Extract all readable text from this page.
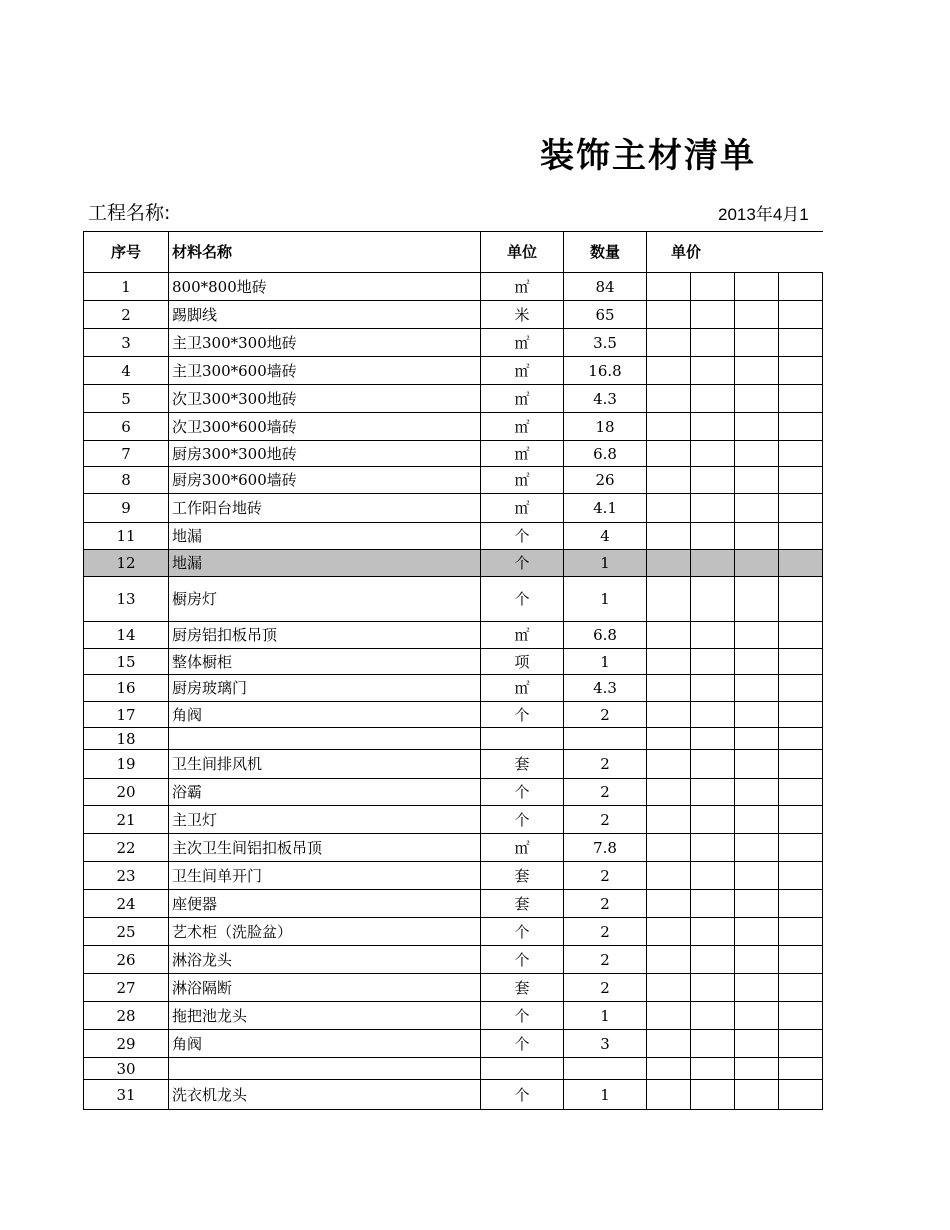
装饰主材清单
工程名称:	2013年4月1
序号	材料名称	单位	数量	单价			
1	800*800地砖	㎡	84				
2	踢脚线	米	65				
3	主卫300*300地砖	㎡	3.5				
4	主卫300*600墙砖	㎡	16.8				
5	次卫300*300地砖	㎡	4.3				
6	次卫300*600墙砖	㎡	18				
7	厨房300*300地砖	㎡	6.8				
8	厨房300*600墙砖	㎡	26				
9	工作阳台地砖	㎡	4.1				
11	地漏	个	4				
12	地漏	个	1				
13	橱房灯	个	1				
14	厨房铝扣板吊顶	㎡	6.8				
15	整体橱柜	项	1				
16	厨房玻璃门	㎡	4.3				
17	角阀	个	2				
18							
19	卫生间排风机	套	2				
20	浴霸	个	2				
21	主卫灯	个	2				
22	主次卫生间铝扣板吊顶	㎡	7.8				
23	卫生间单开门	套	2				
24	座便器	套	2				
25	艺术柜（洗脸盆）	个	2				
26	淋浴龙头	个	2				
27	淋浴隔断	套	2				
28	拖把池龙头	个	1				
29	角阀	个	3				
30							
31	洗衣机龙头	个	1				
